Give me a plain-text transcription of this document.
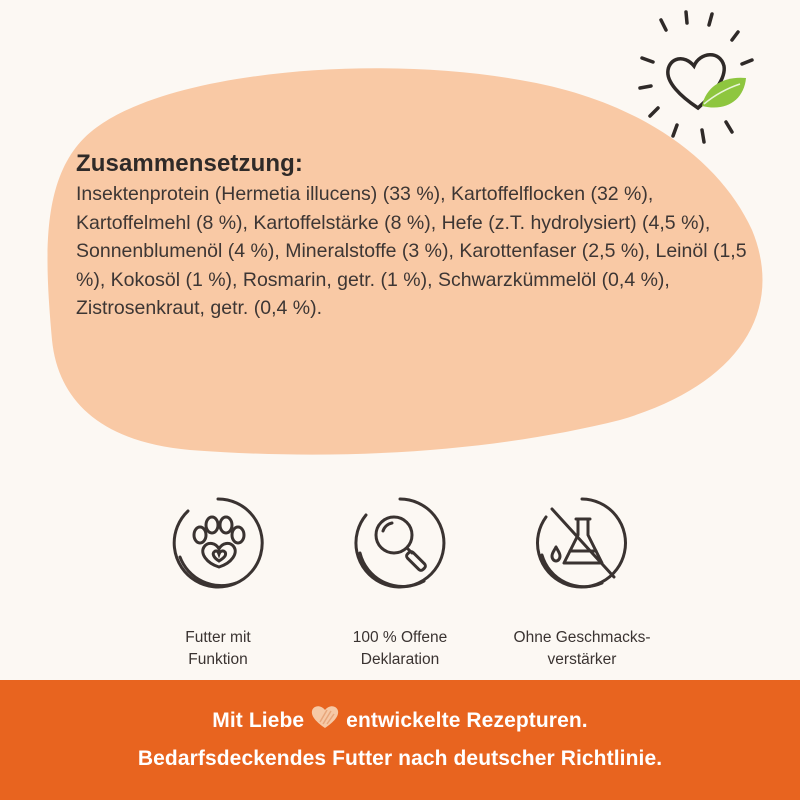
Zusammensetzung:

Insektenprotein (Hermetia illucens) (33 %), Kartoffelflocken (32 %), Kartoffelmehl (8 %), Kartoffelstärke (8 %), Hefe (z.T. hydrolysiert) (4,5 %), Sonnenblumenöl (4 %), Mineralstoffe (3 %), Karottenfaser (2,5 %), Leinöl (1,5 %), Kokosöl (1 %), Rosmarin, getr. (1 %), Schwarzkümmelöl (0,4 %), Zistrosenkraut, getr. (0,4 %).

Futter mit
Funktion
100 % Offene
Deklaration
Ohne Geschmacks-
verstärker
Mit Liebe entwickelte Rezepturen.
Bedarfsdeckendes Futter nach deutscher Richtlinie.
